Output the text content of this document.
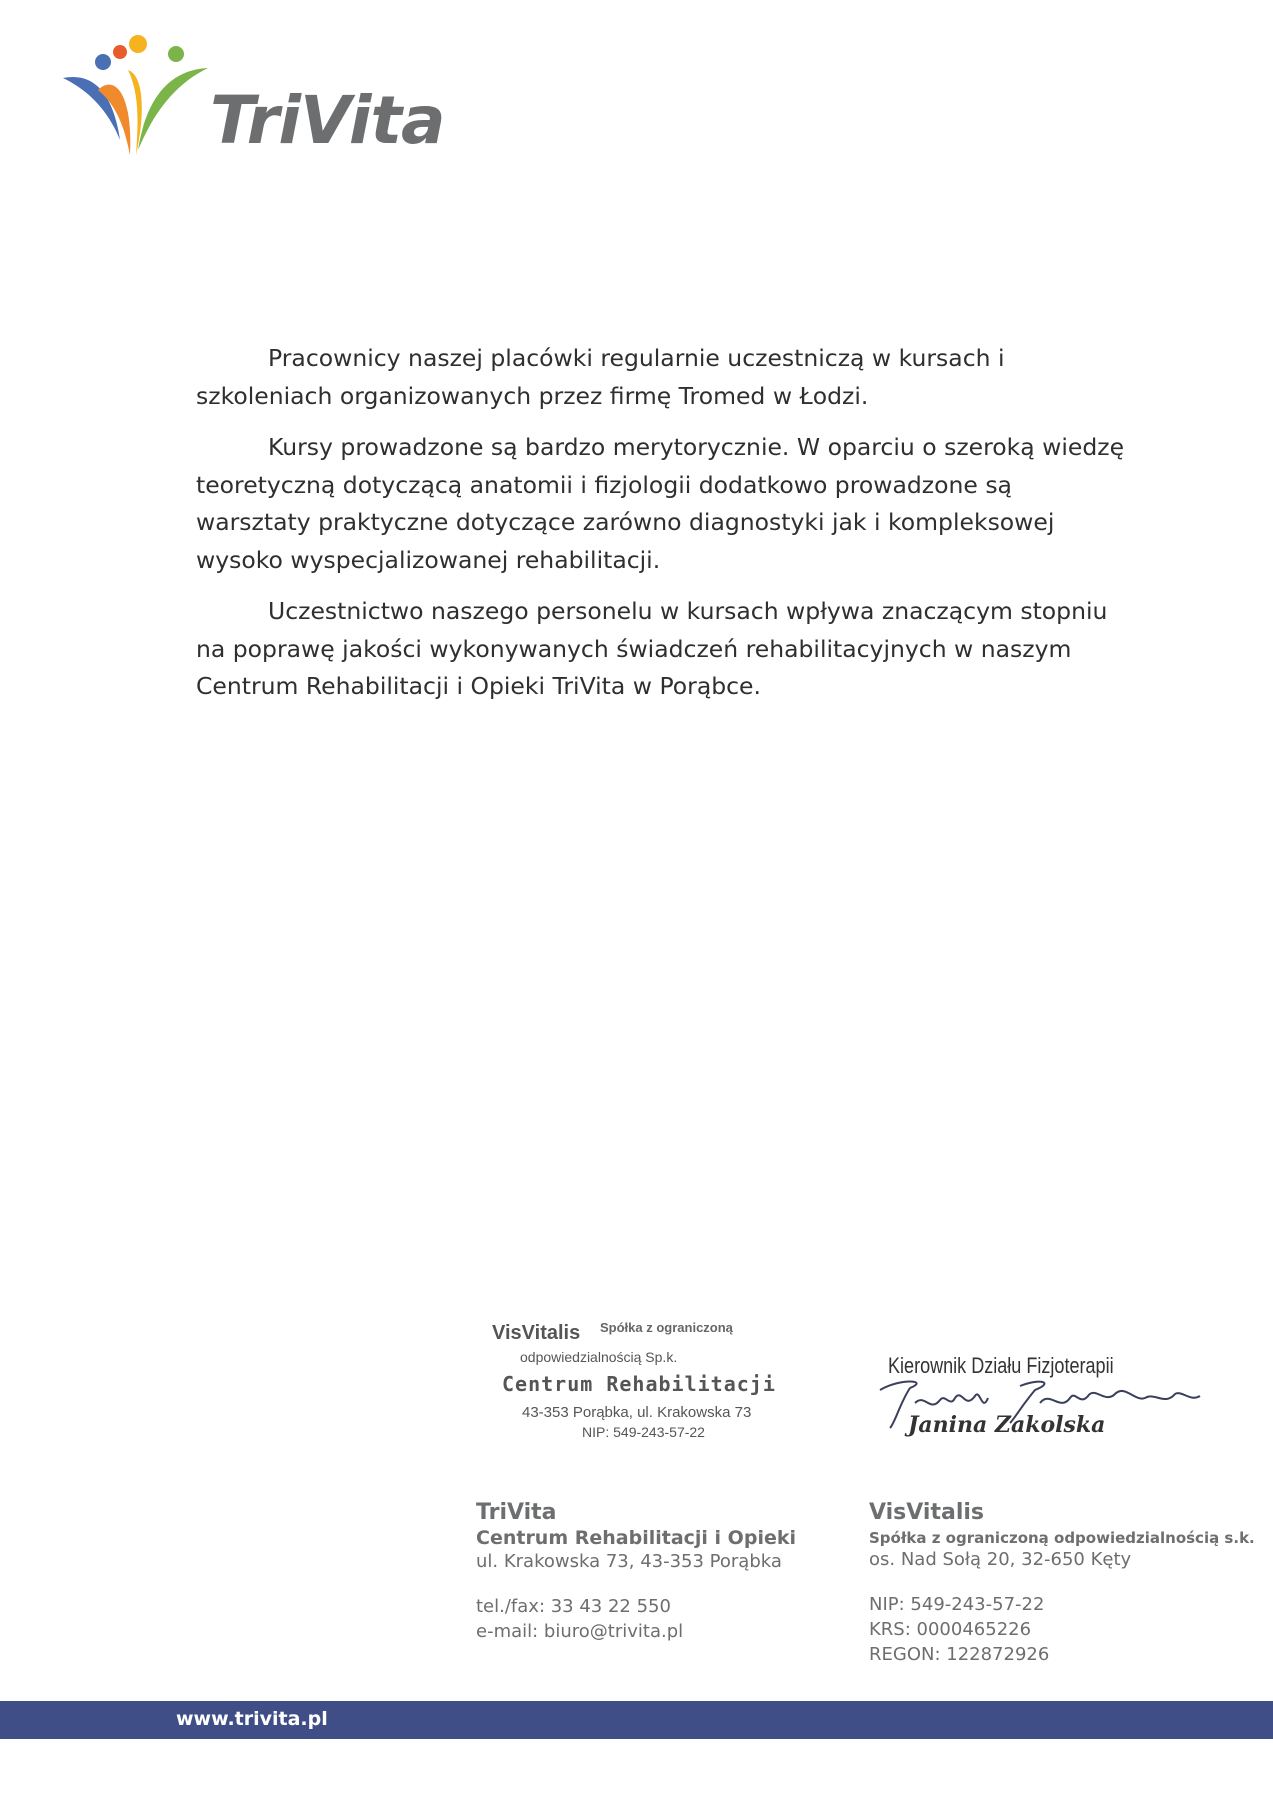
TriVita

Pracownicy naszej placówki regularnie uczestniczą w kursach i szkoleniach organizowanych przez firmę Tromed w Łodzi.

Kursy prowadzone są bardzo merytorycznie. W oparciu o szeroką wiedzę teoretyczną dotyczącą anatomii i fizjologii dodatkowo prowadzone są warsztaty praktyczne dotyczące zarówno diagnostyki jak i kompleksowej wysoko wyspecjalizowanej rehabilitacji.

Uczestnictwo naszego personelu w kursach wpływa znaczącym stopniu na poprawę jakości wykonywanych świadczeń rehabilitacyjnych w naszym Centrum Rehabilitacji i Opieki TriVita w Porąbce.

VisVitalis Spółka z ograniczoną
odpowiedzialnością Sp.k.
Centrum Rehabilitacji
43-353 Porąbka, ul. Krakowska 73
NIP: 549-243-57-22
Kierownik Działu Fizjoterapii
Janina Zakolska
TriVita
Centrum Rehabilitacji i Opieki
ul. Krakowska 73, 43-353 Porąbka
tel./fax: 33 43 22 550
e-mail: biuro@trivita.pl
VisVitalis
Spółka z ograniczoną odpowiedzialnością s.k.
os. Nad Sołą 20, 32-650 Kęty
NIP: 549-243-57-22
KRS: 0000465226
REGON: 122872926
www.trivita.pl
